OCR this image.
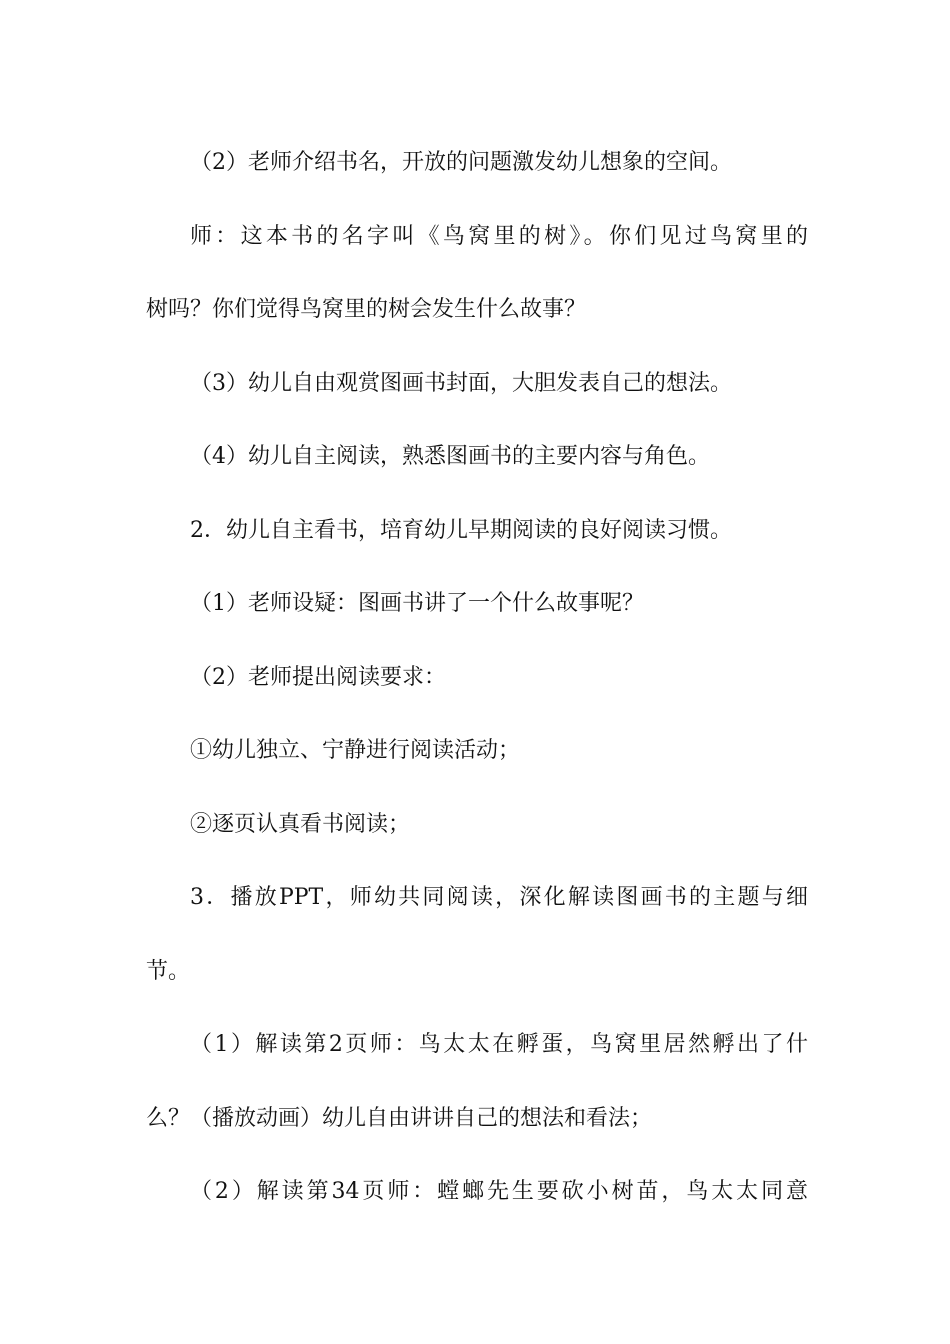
（2）老师介绍书名，开放的问题激发幼儿想象的空间。

师：这本书的名字叫《鸟窝里的树》。你们见过鸟窝里的

树吗？你们觉得鸟窝里的树会发生什么故事？

（3）幼儿自由观赏图画书封面，大胆发表自己的想法。

（4）幼儿自主阅读，熟悉图画书的主要内容与角色。

2．幼儿自主看书，培育幼儿早期阅读的良好阅读习惯。

（1）老师设疑：图画书讲了一个什么故事呢？

（2）老师提出阅读要求：

①幼儿独立、宁静进行阅读活动；

②逐页认真看书阅读；

3．播放PPT，师幼共同阅读，深化解读图画书的主题与细

节。

（1）解读第2页师：鸟太太在孵蛋，鸟窝里居然孵出了什

么？（播放动画）幼儿自由讲讲自己的想法和看法；

（2）解读第34页师：螳螂先生要砍小树苗，鸟太太同意
